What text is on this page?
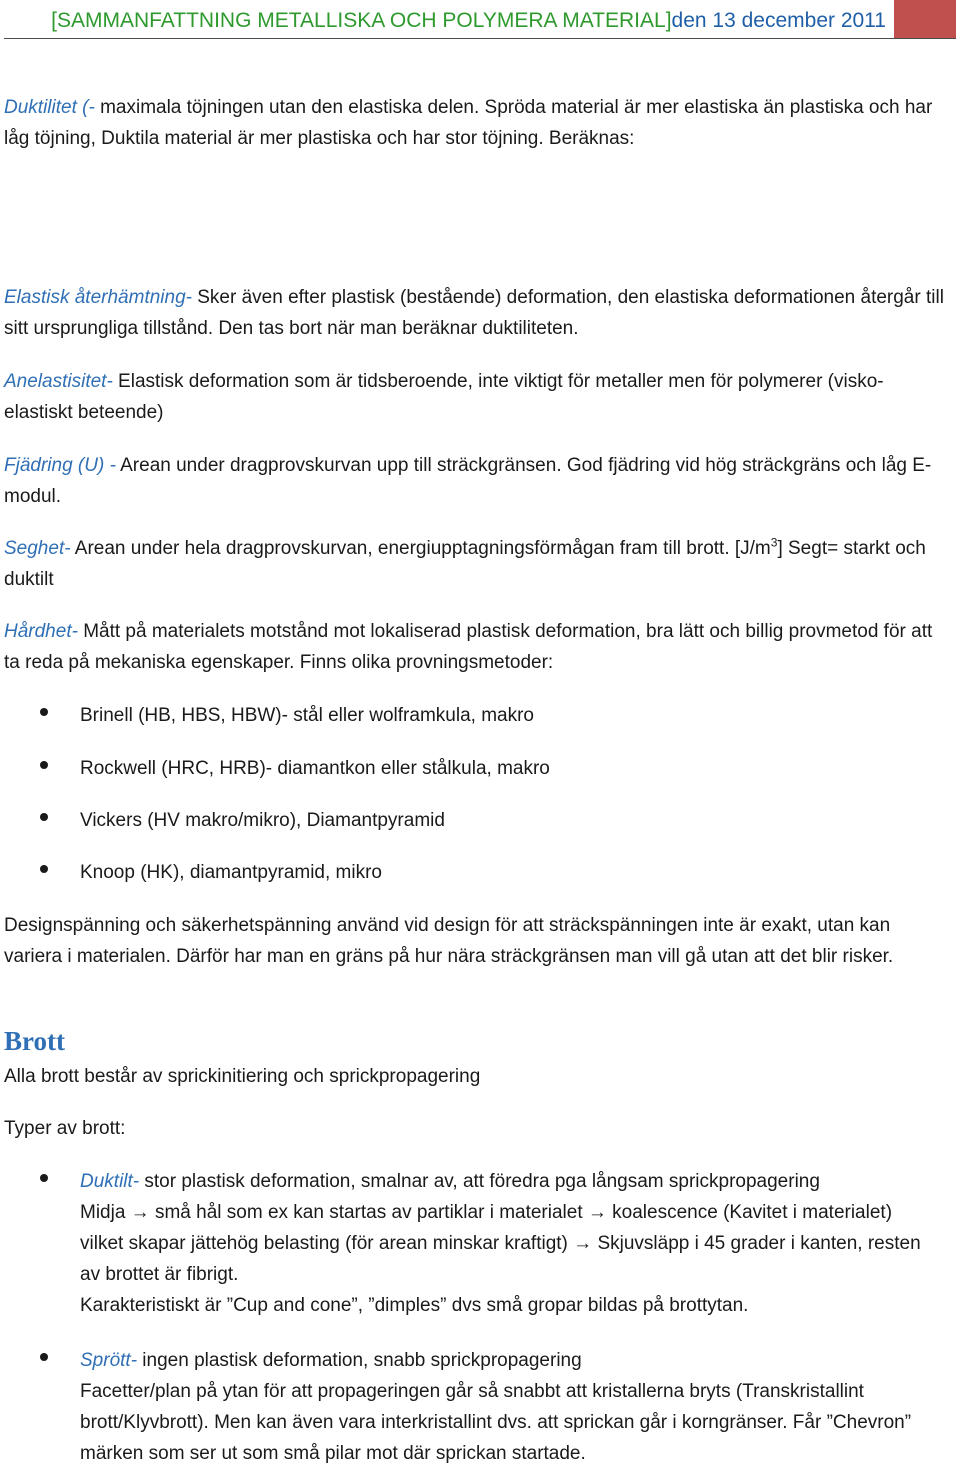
[SAMMANFATTNING METALLISKA OCH POLYMERA MATERIAL]den 13 december 2011

Duktilitet (- maximala töjningen utan den elastiska delen. Spröda material är mer elastiska än plastiska och har låg töjning, Duktila material är mer plastiska och har stor töjning. Beräknas:

Elastisk återhämtning- Sker även efter plastisk (bestående) deformation, den elastiska deformationen återgår till sitt ursprungliga tillstånd. Den tas bort när man beräknar duktiliteten.

Anelastisitet- Elastisk deformation som är tidsberoende, inte viktigt för metaller men för polymerer (visko-elastiskt beteende)

Fjädring (U) - Arean under dragprovskurvan upp till sträckgränsen. God fjädring vid hög sträckgräns och låg E-modul.

Seghet- Arean under hela dragprovskurvan, energiupptagningsförmågan fram till brott. $[J/m^3]$ Segt= starkt och duktilt

Hårdhet- Mått på materialets motstånd mot lokaliserad plastisk deformation, bra lätt och billig provmetod för att ta reda på mekaniska egenskaper. Finns olika provningsmetoder:

Brinell (HB, HBS, HBW)- stål eller wolframkula, makro

Rockwell (HRC, HRB)- diamantkon eller stålkula, makro

Vickers (HV makro/mikro), Diamantpyramid

Knoop (HK), diamantpyramid, mikro

Designspänning och säkerhetspänning använd vid design för att sträckspänningen inte är exakt, utan kan variera i materialen. Därför har man en gräns på hur nära sträckgränsen man vill gå utan att det blir risker.

Brott

Alla brott består av sprickinitiering och sprickpropagering

Typer av brott:

Duktilt- stor plastisk deformation, smalnar av, att föredra pga långsam sprickpropagering
Midja → små hål som ex kan startas av partiklar i materialet → koalescence (Kavitet i materialet) vilket skapar jättehög belasting (för arean minskar kraftigt) → Skjuvsläpp i 45 grader i kanten, resten av brottet är fibrigt.
Karakteristiskt är ”Cup and cone”, ”dimples” dvs små gropar bildas på brottytan.
Sprött- ingen plastisk deformation, snabb sprickpropagering
Facetter/plan på ytan för att propageringen går så snabbt att kristallerna bryts (Transkristallint brott/Klyvbrott). Men kan även vara interkristallint dvs. att sprickan går i korngränser. Får ”Chevron” märken som ser ut som små pilar mot där sprickan startade.
